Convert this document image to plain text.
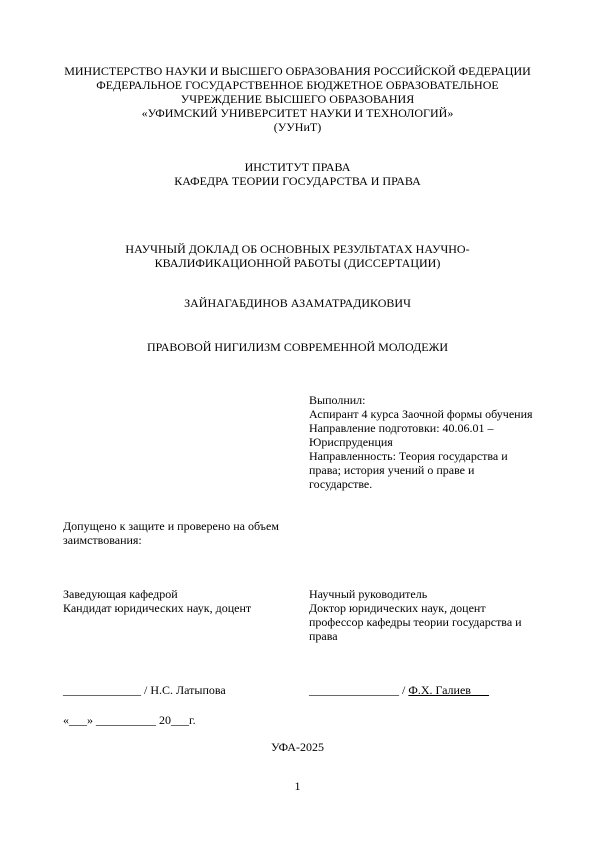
МИНИСТЕРСТВО НАУКИ И ВЫСШЕГО ОБРАЗОВАНИЯ РОССИЙСКОЙ ФЕДЕРАЦИИ
ФЕДЕРАЛЬНОЕ ГОСУДАРСТВЕННОЕ БЮДЖЕТНОЕ ОБРАЗОВАТЕЛЬНОЕ
УЧРЕЖДЕНИЕ ВЫСШЕГО ОБРАЗОВАНИЯ
«УФИМСКИЙ УНИВЕРСИТЕТ НАУКИ И ТЕХНОЛОГИЙ»
(УУНиТ)
ИНСТИТУТ ПРАВА
КАФЕДРА ТЕОРИИ ГОСУДАРСТВА И ПРАВА
НАУЧНЫЙ ДОКЛАД ОБ ОСНОВНЫХ РЕЗУЛЬТАТАХ НАУЧНО-
КВАЛИФИКАЦИОННОЙ РАБОТЫ (ДИССЕРТАЦИИ)
ЗАЙНАГАБДИНОВ АЗАМАТРАДИКОВИЧ
ПРАВОВОЙ НИГИЛИЗМ СОВРЕМЕННОЙ МОЛОДЕЖИ
Выполнил:
Аспирант 4 курса Заочной формы обучения
Направление подготовки: 40.06.01 –
Юриспруденция
Направленность: Теория государства и
права; история учений о праве и
государстве.
Допущено к защите и проверено на объем
заимствования:
Заведующая кафедрой
Кандидат юридических наук, доцент
Научный руководитель
Доктор юридических наук, доцент
профессор кафедры теории государства и
права
_____________ / Н.С. Латыпова	_______________ / Ф.Х. Галиев___
«___» __________ 20___г.
УФА-2025
1
